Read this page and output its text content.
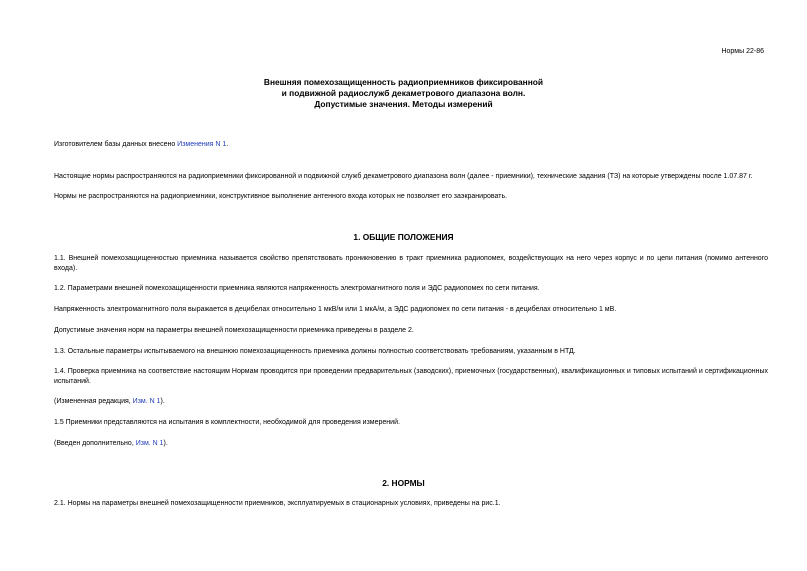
Нормы 22-86
Внешняя помехозащищенность радиоприемников фиксированной
и подвижной радиослужб декаметрового диапазона волн.
Допустимые значения. Методы измерений

Изготовителем базы данных внесено Изменения N 1.

Настоящие нормы распространяются на радиоприемники фиксированной и подвижной служб декаметрового диапазона волн (далее - приемники), технические задания (ТЗ) на которые утверждены после 1.07.87 г.

Нормы не распространяются на радиоприемники, конструктивное выполнение антенного входа которых не позволяет его заэкранировать.

1. ОБЩИЕ ПОЛОЖЕНИЯ

1.1. Внешней помехозащищенностью приемника называется свойство препятствовать проникновению в тракт приемника радиопомех, воздействующих на него через корпус и по цепи питания (помимо антенного входа).

1.2. Параметрами внешней помехозащищенности приемника являются напряженность электромагнитного поля и ЭДС радиопомех по сети питания.

Напряженность электромагнитного поля выражается в децибелах относительно 1 мкВ/м или 1 мкА/м, а ЭДС радиопомех по сети питания - в децибелах относительно 1 мВ.

Допустимые значения норм на параметры внешней помехозащищенности приемника приведены в разделе 2.

1.3. Остальные параметры испытываемого на внешнюю помехозащищенность приемника должны полностью соответствовать требованиям, указанным в НТД.

1.4. Проверка приемника на соответствие настоящим Нормам проводится при проведении предварительных (заводских), приемочных (государственных), квалификационных и типовых испытаний и сертификационных испытаний.

(Измененная редакция, Изм. N 1).

1.5 Приемники представляются на испытания в комплектности, необходимой для проведения измерений.

(Введен дополнительно, Изм. N 1).

2. НОРМЫ

2.1. Нормы на параметры внешней помехозащищенности приемников, эксплуатируемых в стационарных условиях, приведены на рис.1.
